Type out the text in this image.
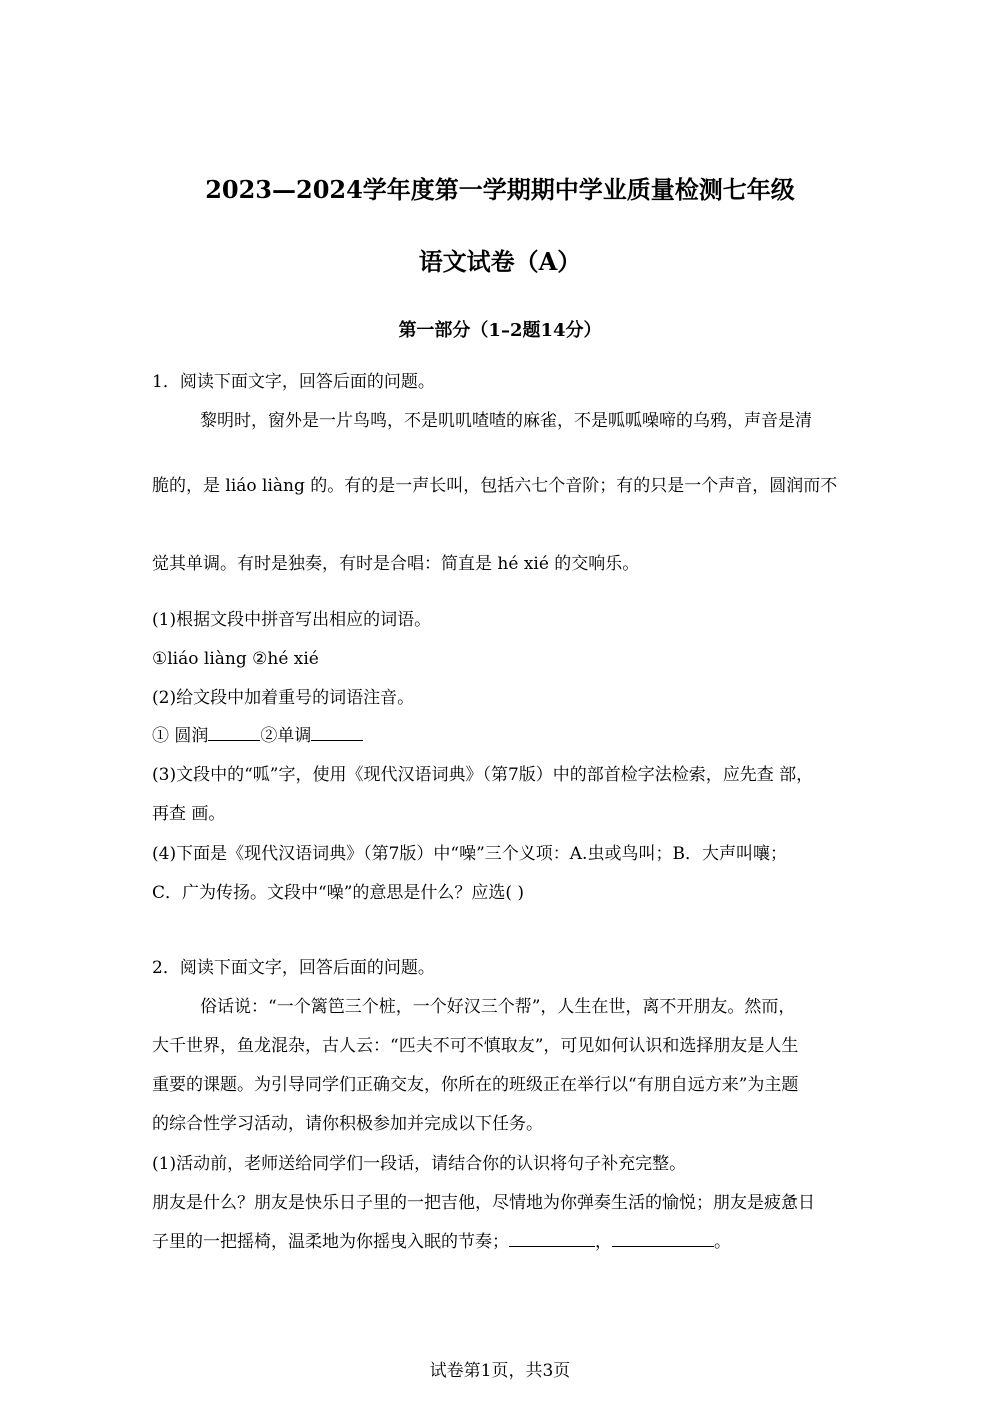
2023—2024学年度第一学期期中学业质量检测七年级
语文试卷（A）
第一部分（1–2题14分）
1．阅读下面文字，回答后面的问题。
黎明时，窗外是一片鸟鸣，不是叽叽喳喳的麻雀，不是呱呱噪啼的乌鸦，声音是清
脆的，是 liáo liàng 的。有的是一声长叫，包括六七个音阶；有的只是一个声音，圆润而不
觉其单调。有时是独奏，有时是合唱：简直是 hé xié 的交响乐。
(1)根据文段中拼音写出相应的词语。
①liáo liàng ②hé xié
(2)给文段中加着重号的词语注音。
① 圆润	②单调
(3)文段中的“呱”字，使用《现代汉语词典》（第7版）中的部首检字法检索，应先查 部，
再查 画。
(4)下面是《现代汉语词典》（第7版）中“噪”三个义项：A.虫或鸟叫；B．大声叫嚷；
C．广为传扬。文段中“噪”的意思是什么？应选( )
2．阅读下面文字，回答后面的问题。
俗话说：“一个篱笆三个桩，一个好汉三个帮”，人生在世，离不开朋友。然而，
大千世界，鱼龙混杂，古人云：“匹夫不可不慎取友”，可见如何认识和选择朋友是人生
重要的课题。为引导同学们正确交友，你所在的班级正在举行以“有朋自远方来”为主题
的综合性学习活动，请你积极参加并完成以下任务。
(1)活动前，老师送给同学们一段话，请结合你的认识将句子补充完整。
朋友是什么？朋友是快乐日子里的一把吉他，尽情地为你弹奏生活的愉悦；朋友是疲惫日
子里的一把摇椅，温柔地为你摇曳入眠的节奏；	，	。
试卷第1页，共3页
